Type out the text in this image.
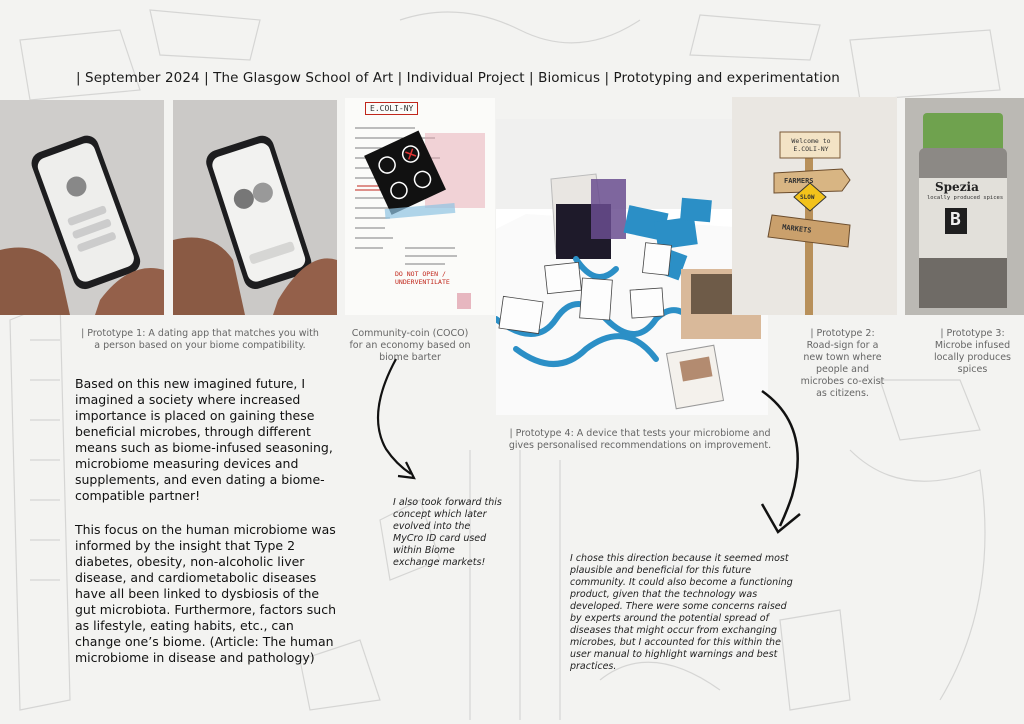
| September 2024 | The Glasgow School of Art | Individual Project | Biomicus | Prototyping and experimentation
| Prototype 1: A dating app that matches you with a person based on your biome compatibility.
E.COLI-NY
DO NOT OPEN / UNDERVENTILATE
Community-coin (COCO) for an economy based on biome barter
| Prototype 4: A device that tests your microbiome and gives personalised recommendations on improvement.
Welcome to E.COLI-NY
FARMERS
SLOW
MARKETS
| Prototype 2: Road-sign for a new town where people and microbes co-exist as citizens.
Spezia
locally produced spices
B
| Prototype 3: Microbe infused locally produces spices
Based on this new imagined future, I imagined a society where increased importance is placed on gaining these beneficial microbes, through different means such as biome-infused seasoning, microbiome measuring devices and supplements, and even dating a biome-compatible partner!
This focus on the human microbiome was informed by the insight that Type 2 diabetes, obesity, non-alcoholic liver disease, and cardiometabolic diseases have all been linked to dysbiosis of the gut microbiota. Furthermore, factors such as lifestyle, eating habits, etc., can change one’s biome. (Article: The human microbiome in disease and pathology)
I also took forward this concept which later evolved into the MyCro ID card used within Biome exchange markets!	I chose this direction because it seemed most plausible and beneficial for this future community. It could also become a functioning product, given that the technology was developed. There were some concerns raised by experts around the potential spread of diseases that might occur from exchanging microbes, but I accounted for this within the user manual to highlight warnings and best practices.
